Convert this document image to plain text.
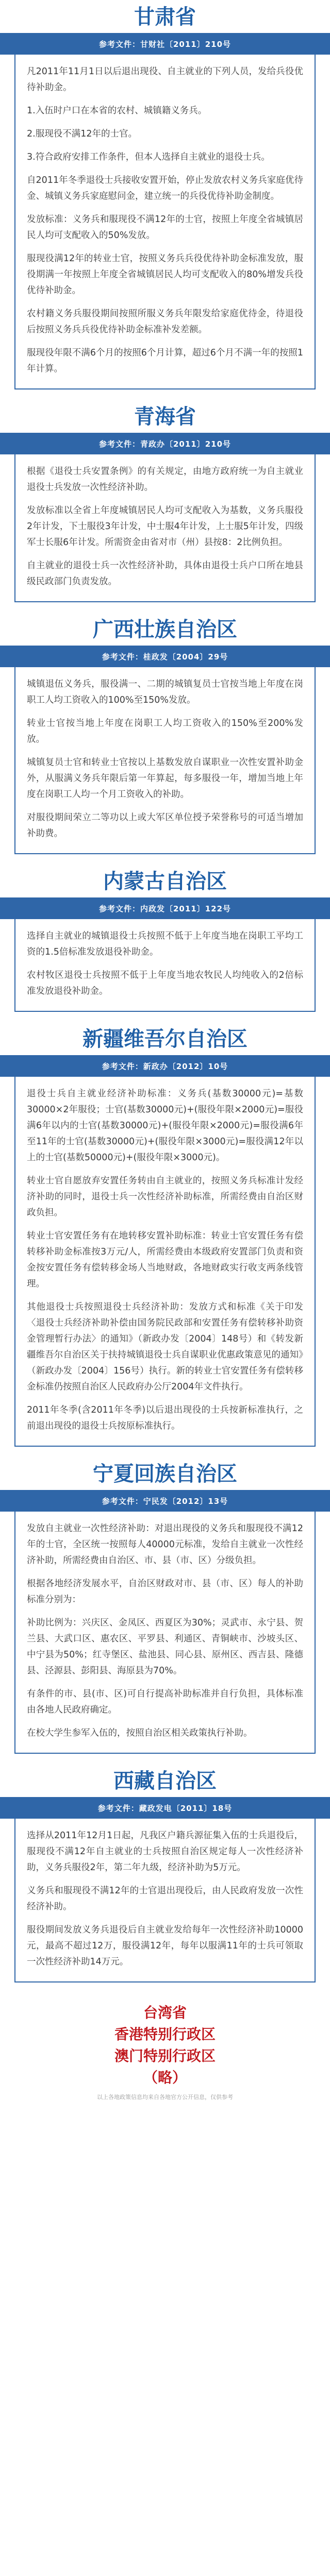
甘肃省
参考文件：甘财社〔2011〕210号

凡2011年11月1日以后退出现役、自主就业的下列人员，发给兵役优待补助金。

1.入伍时户口在本省的农村、城镇籍义务兵。

2.服现役不满12年的士官。

3.符合政府安排工作条件，但本人选择自主就业的退役士兵。

自2011年冬季退役士兵接收安置开始，停止发放农村义务兵家庭优待金、城镇义务兵家庭慰问金，建立统一的兵役优待补助金制度。

发放标准：义务兵和服现役不满12年的士官，按照上年度全省城镇居民人均可支配收入的50%发放。

服现役满12年的转业士官，按照义务兵兵役优待补助金标准发放，服役期满一年按照上年度全省城镇居民人均可支配收入的80%增发兵役优待补助金。

农村籍义务兵服役期间按照所服义务兵年限发给家庭优待金，待退役后按照义务兵兵役优待补助金标准补发差额。

服现役年限不满6个月的按照6个月计算，超过6个月不满一年的按照1年计算。

青海省
参考文件：青政办〔2011〕210号

根据《退役士兵安置条例》的有关规定，由地方政府统一为自主就业退役士兵发放一次性经济补助。

发放标准以全省上年度城镇居民人均可支配收入为基数，义务兵服役2年计发，下士服役3年计发，中士服4年计发，上士服5年计发，四级军士长服6年计发。所需资金由省对市（州）县按8：2比例负担。

自主就业的退役士兵一次性经济补助，具体由退役士兵户口所在地县级民政部门负责发放。

广西壮族自治区
参考文件：桂政发〔2004〕29号

城镇退伍义务兵，服役满一、二期的城镇复员士官按当地上年度在岗职工人均工资收入的100%至150%发放。

转业士官按当地上年度在岗职工人均工资收入的150%至200%发放。

城镇复员士官和转业士官按以上基数发放自谋职业一次性安置补助金外，从服满义务兵年限后第一年算起，每多服役一年，增加当地上年度在岗职工人均一个月工资收入的补助。

对服役期间荣立二等功以上或大军区单位授予荣誉称号的可适当增加补助费。

内蒙古自治区
参考文件：内政发〔2011〕122号

选择自主就业的城镇退役士兵按照不低于上年度当地在岗职工平均工资的1.5倍标准发放退役补助金。

农村牧区退役士兵按照不低于上年度当地农牧民人均纯收入的2倍标准发放退役补助金。

新疆维吾尔自治区
参考文件：新政办〔2012〕10号

退役士兵自主就业经济补助标准：义务兵(基数30000元)=基数30000×2年服役；士官(基数30000元)+(服役年限×2000元)=服役满6年以内的士官(基数30000元)+(服役年限×2000元)=服役满6年至11年的士官(基数30000元)+(服役年限×3000元)=服役满12年以上的士官(基数50000元)+(服役年限×3000元)。

转业士官自愿放弃安置任务转由自主就业的，按照义务兵标准计发经济补助的同时，退役士兵一次性经济补助标准，所需经费由自治区财政负担。

转业士官安置任务有在地转移安置补助标准：转业士官安置任务有偿转移补助金标准按3万元/人，所需经费由本级政府安置部门负责和资金按安置任务有偿转移金场人当地财政，各地财政实行收支两条线管理。

其他退役士兵按照退役士兵经济补助：发放方式和标准《关于印发〈退役士兵经济补助补偿由国务院民政部和安置任务有偿转移补助资金管理暂行办法〉的通知》（新政办发〔2004〕148号）和《转发新疆维吾尔自治区关于扶持城镇退役士兵自谋职业优惠政策意见的通知》（新政办发〔2004〕156号）执行。新的转业士官安置任务有偿转移金标准仍按照自治区人民政府办公厅2004年文件执行。

2011年冬季(含2011年冬季)以后退出现役的士兵按新标准执行，之前退出现役的退役士兵按原标准执行。

宁夏回族自治区
参考文件：宁民发〔2012〕13号

发放自主就业一次性经济补助：对退出现役的义务兵和服现役不满12年的士官，全区统一按照每人40000元标准，发给自主就业一次性经济补助，所需经费由自治区、市、县（市、区）分级负担。

根据各地经济发展水平，自治区财政对市、县（市、区）每人的补助标准分别为：

补助比例为：兴庆区、金凤区、西夏区为30%；灵武市、永宁县、贺兰县、大武口区、惠农区、平罗县、利通区、青铜峡市、沙坡头区、中宁县为50%；红寺堡区、盐池县、同心县、原州区、西吉县、隆德县、泾源县、彭阳县、海原县为70%。

有条件的市、县(市、区)可自行提高补助标准并自行负担，具体标准由各地人民政府确定。

在校大学生参军入伍的，按照自治区相关政策执行补助。

西藏自治区
参考文件：藏政发电〔2011〕18号

选择从2011年12月1日起，凡我区户籍兵源征集入伍的士兵退役后，服现役不满12年自主就业的士兵按照自治区规定每人一次性经济补助，义务兵服役2年，第二年九级，经济补助为5万元。

义务兵和服现役不满12年的士官退出现役后，由人民政府发放一次性经济补助。

服役期间发放义务兵退役后自主就业发给每年一次性经济补助10000元，最高不超过12万，服役满12年，每年以服满11年的士兵可领取一次性经济补助14万元。

台湾省

香港特别行政区

澳门特别行政区

（略）

以上各地政策信息均来自各地官方公开信息，仅供参考
